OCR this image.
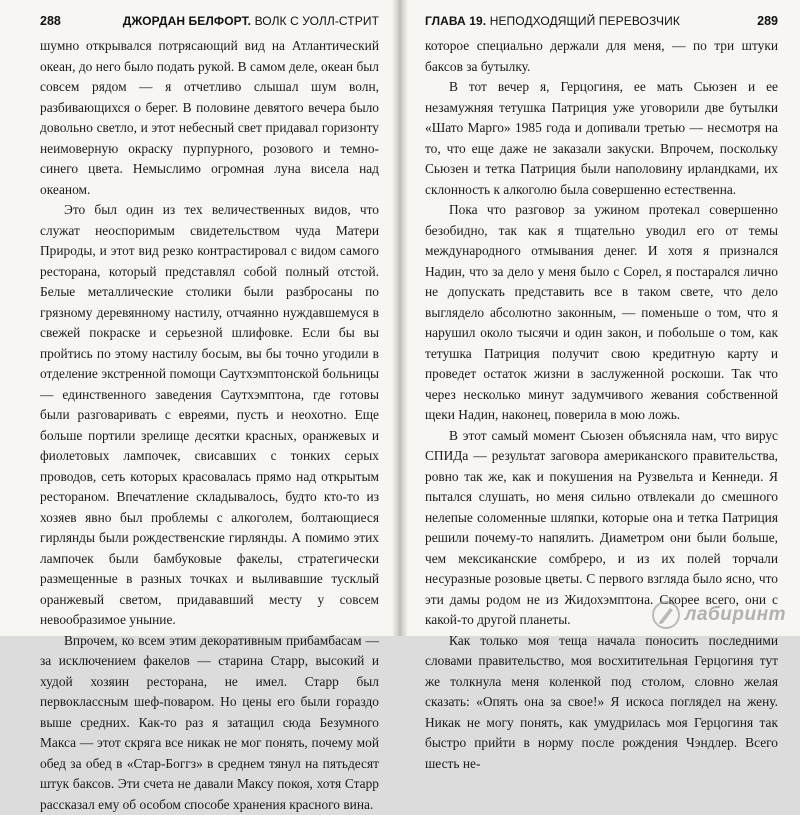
288	ДЖОРДАН БЕЛФОРТ. ВОЛК С УОЛЛ-СТРИТ

шумно открывался потрясающий вид на Атлантический океан, до него было подать рукой. В самом деле, океан был совсем рядом — я отчетливо слышал шум волн, разбивающихся о берег. В половине девятого вечера было довольно светло, и этот небесный свет придавал горизонту неимоверную окраску пурпурного, розового и темно-синего цвета. Немыслимо огромная луна висела над океаном.

Это был один из тех величественных видов, что служат неоспоримым свидетельством чуда Матери Природы, и этот вид резко контрастировал с видом самого ресторана, который представлял собой полный отстой. Белые металлические столики были разбросаны по грязному деревянному настилу, отчаянно нуждавшемуся в свежей покраске и серьезной шлифовке. Если бы вы пройтись по этому настилу босым, вы бы точно угодили в отделение экстренной помощи Саутхэмптонской больницы — единственного заведения Саутхэмптона, где готовы были разговаривать с евреями, пусть и неохотно. Еще больше портили зрелище десятки красных, оранжевых и фиолетовых лампочек, свисавших с тонких серых проводов, сеть которых красовалась прямо над открытым рестораном. Впечатление складывалось, будто кто-то из хозяев явно был проблемы с алкоголем, болтающиеся гирлянды были рождественские гирлянды. А помимо этих лампочек были бамбуковые факелы, стратегически размещенные в разных точках и выливавшие тусклый оранжевый светом, придававший месту у совсем невообразимое уныние.

Впрочем, ко всем этим декоративным прибамбасам — за исключением факелов — старина Старр, высокий и худой хозяин ресторана, не имел. Старр был первоклассным шеф-поваром. Но цены его были гораздо выше средних. Как-то раз я затащил сюда Безумного Макса — этот скряга все никак не мог понять, почему мой обед за обед в «Стар-Боггз» в среднем тянул на пятьдесят штук баксов. Эти счета не давали Максу покоя, хотя Старр рассказал ему об особом способе хранения красного вина.

ГЛАВА 19. НЕПОДХОДЯЩИЙ ПЕРЕВОЗЧИК	289

которое специально держали для меня, — по три штуки баксов за бутылку.

В тот вечер я, Герцогиня, ее мать Сьюзен и ее незамужняя тетушка Патриция уже уговорили две бутылки «Шато Марго» 1985 года и допивали третью — несмотря на то, что еще даже не заказали закуски. Впрочем, поскольку Сьюзен и тетка Патриция были наполовину ирландками, их склонность к алкоголю была совершенно естественна.

Пока что разговор за ужином протекал совершенно безобидно, так как я тщательно уводил его от темы международного отмывания денег. И хотя я признался Надин, что за дело у меня было с Сорел, я постарался лично не допускать представить все в таком свете, что дело выглядело абсолютно законным, — поменьше о том, что я нарушил около тысячи и один закон, и побольше о том, как тетушка Патриция получит свою кредитную карту и проведет остаток жизни в заслуженной роскоши. Так что через несколько минут задумчивого жевания собственной щеки Надин, наконец, поверила в мою ложь.

В этот самый момент Сьюзен объясняла нам, что вирус СПИДа — результат заговора американского правительства, ровно так же, как и покушения на Рузвельта и Кеннеди. Я пытался слушать, но меня сильно отвлекали до смешного нелепые соломенные шляпки, которые она и тетка Патриция решили почему-то напялить. Диаметром они были больше, чем мексиканские сомбреро, и из их полей торчали несуразные розовые цветы. С первого взгляда было ясно, что эти дамы родом не из Жидохэмптона. Скорее всего, они с какой-то другой планеты.

Как только моя теща начала поносить последними словами правительство, моя восхитительная Герцогиня тут же толкнула меня коленкой под столом, словно желая сказать: «Опять она за свое!» Я искоса поглядел на жену. Никак не могу понять, как умудрилась моя Герцогиня так быстро прийти в норму после рождения Чэндлер. Всего шесть не-

лабиринт
